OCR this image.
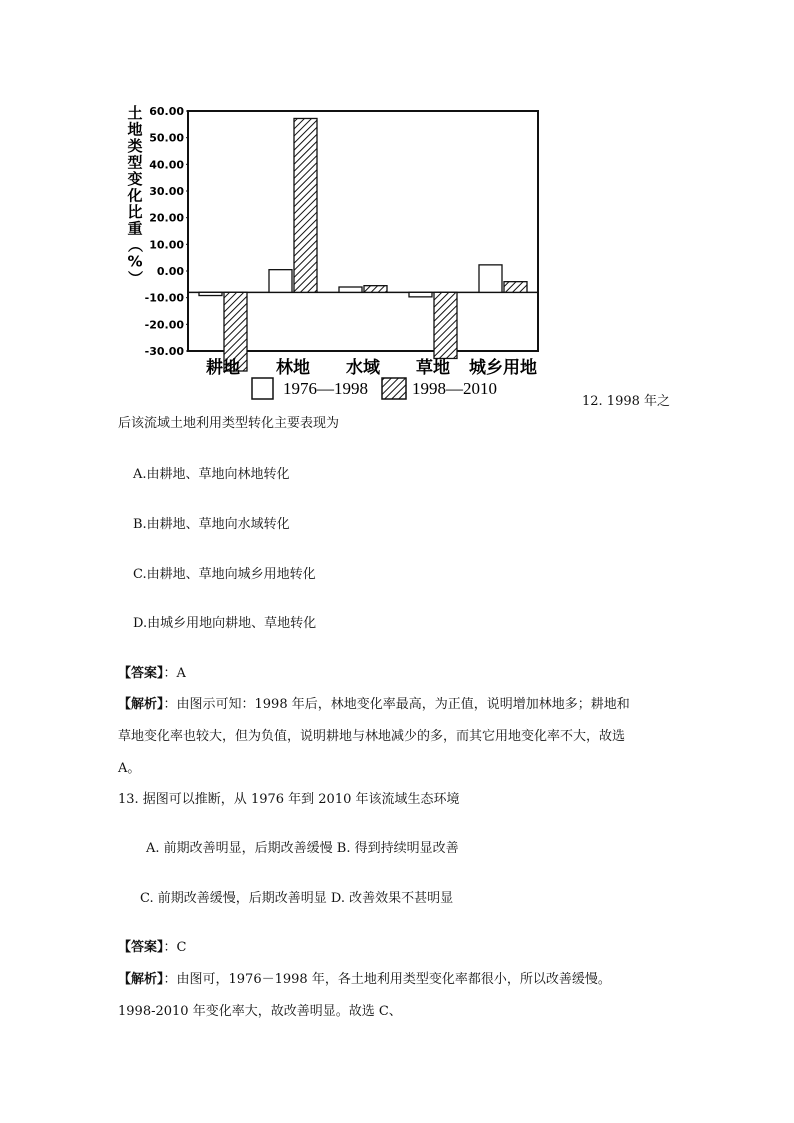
土
地
类
型
变
化
比
重
（
%
）
60.00
50.00
40.00
30.00
20.00
10.00
0.00
-10.00
-20.00
-30.00
耕地 林地 水域 草地 城乡用地
1976—1998	1998—2010
12. 1998 年之
后该流域土地利用类型转化主要表现为
A.由耕地、草地向林地转化
B.由耕地、草地向水域转化
C.由耕地、草地向城乡用地转化
D.由城乡用地向耕地、草地转化
【答案】：A
【解析】：由图示可知：1998 年后，林地变化率最高，为正值，说明增加林地多；耕地和
草地变化率也较大，但为负值，说明耕地与林地减少的多，而其它用地变化率不大，故选
A。
13. 据图可以推断，从 1976 年到 2010 年该流域生态环境
A. 前期改善明显，后期改善缓慢 B. 得到持续明显改善
C. 前期改善缓慢，后期改善明显 D. 改善效果不甚明显
【答案】：C
【解析】：由图可，1976－1998 年，各土地利用类型变化率都很小，所以改善缓慢。
1998-2010 年变化率大，故改善明显。故选 C、
